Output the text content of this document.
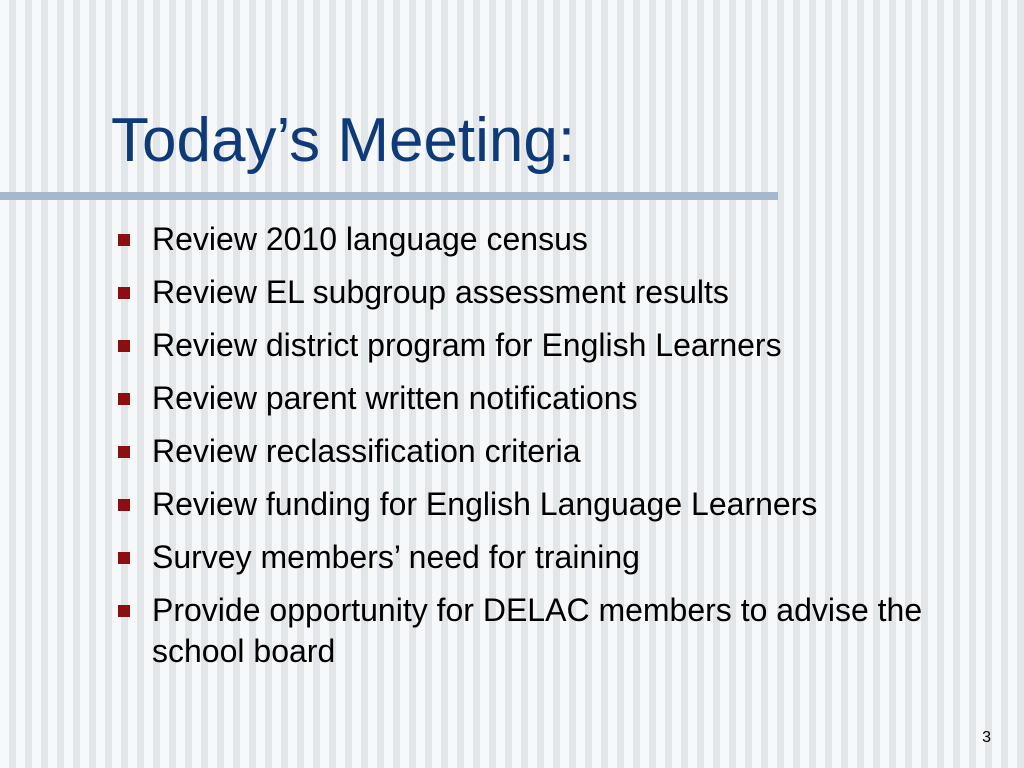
Today’s Meeting:
Review 2010 language census
Review EL subgroup assessment results
Review district program for English Learners
Review parent written notifications
Review reclassification criteria
Review funding for English Language Learners
Survey members’ need for training
Provide opportunity for DELAC members to advise the school board
3
